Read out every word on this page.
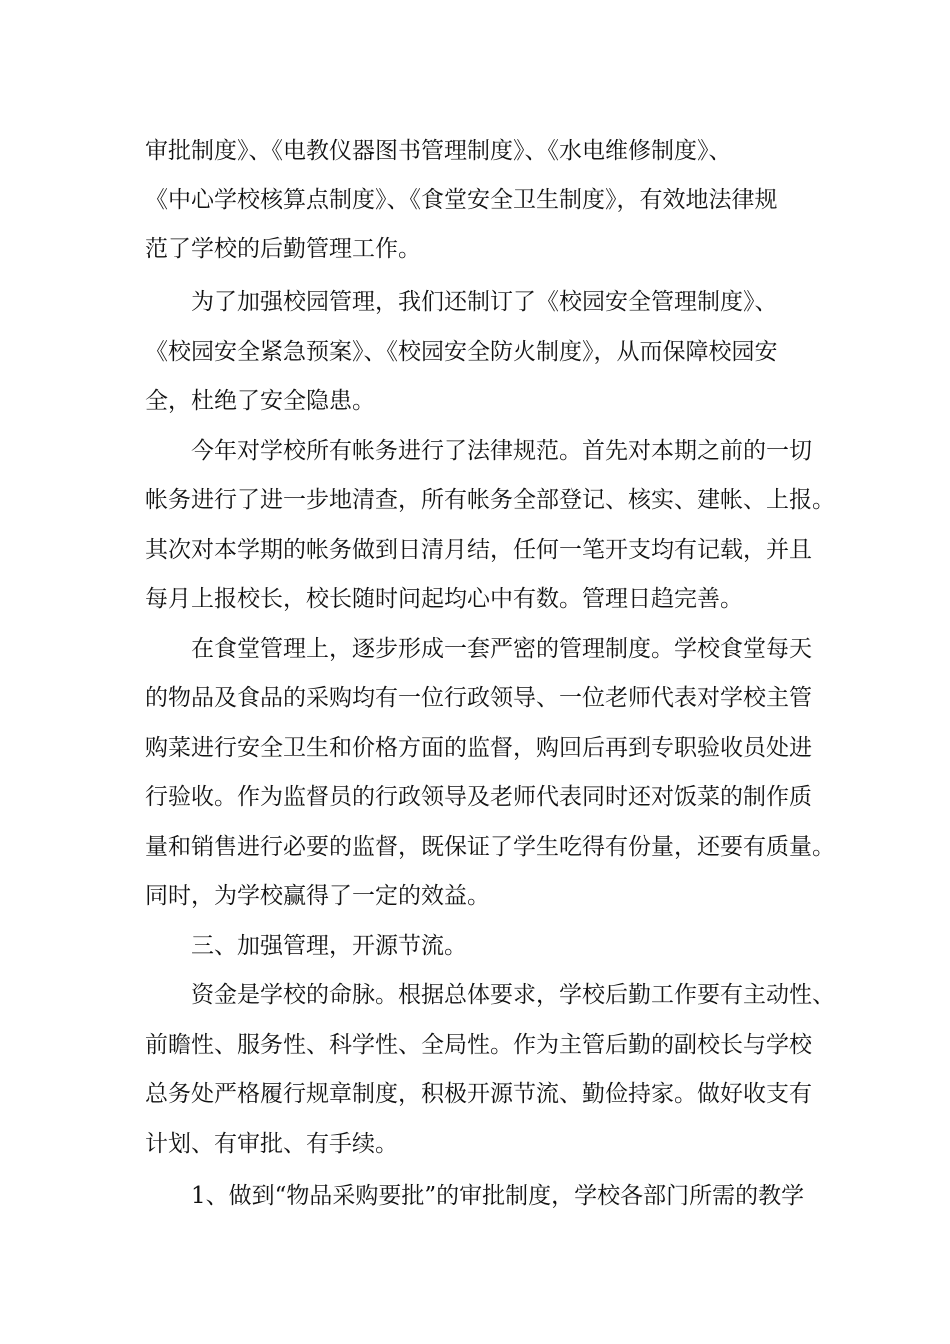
审批制度》、《电教仪器图书管理制度》、《水电维修制度》、
《中心学校核算点制度》、《食堂安全卫生制度》，有效地法律规
范了学校的后勤管理工作。
　　为了加强校园管理，我们还制订了《校园安全管理制度》、
《校园安全紧急预案》、《校园安全防火制度》，从而保障校园安
全，杜绝了安全隐患。
　　今年对学校所有帐务进行了法律规范。首先对本期之前的一切
帐务进行了进一步地清查，所有帐务全部登记、核实、建帐、上报。
其次对本学期的帐务做到日清月结，任何一笔开支均有记载，并且
每月上报校长，校长随时问起均心中有数。管理日趋完善。
　　在食堂管理上，逐步形成一套严密的管理制度。学校食堂每天
的物品及食品的采购均有一位行政领导、一位老师代表对学校主管
购菜进行安全卫生和价格方面的监督，购回后再到专职验收员处进
行验收。作为监督员的行政领导及老师代表同时还对饭菜的制作质
量和销售进行必要的监督，既保证了学生吃得有份量，还要有质量。
同时，为学校赢得了一定的效益。
　　三、加强管理，开源节流。
　　资金是学校的命脉。根据总体要求，学校后勤工作要有主动性、
前瞻性、服务性、科学性、全局性。作为主管后勤的副校长与学校
总务处严格履行规章制度，积极开源节流、勤俭持家。做好收支有
计划、有审批、有手续。
　　1、做到“物品采购要批”的审批制度，学校各部门所需的教学
